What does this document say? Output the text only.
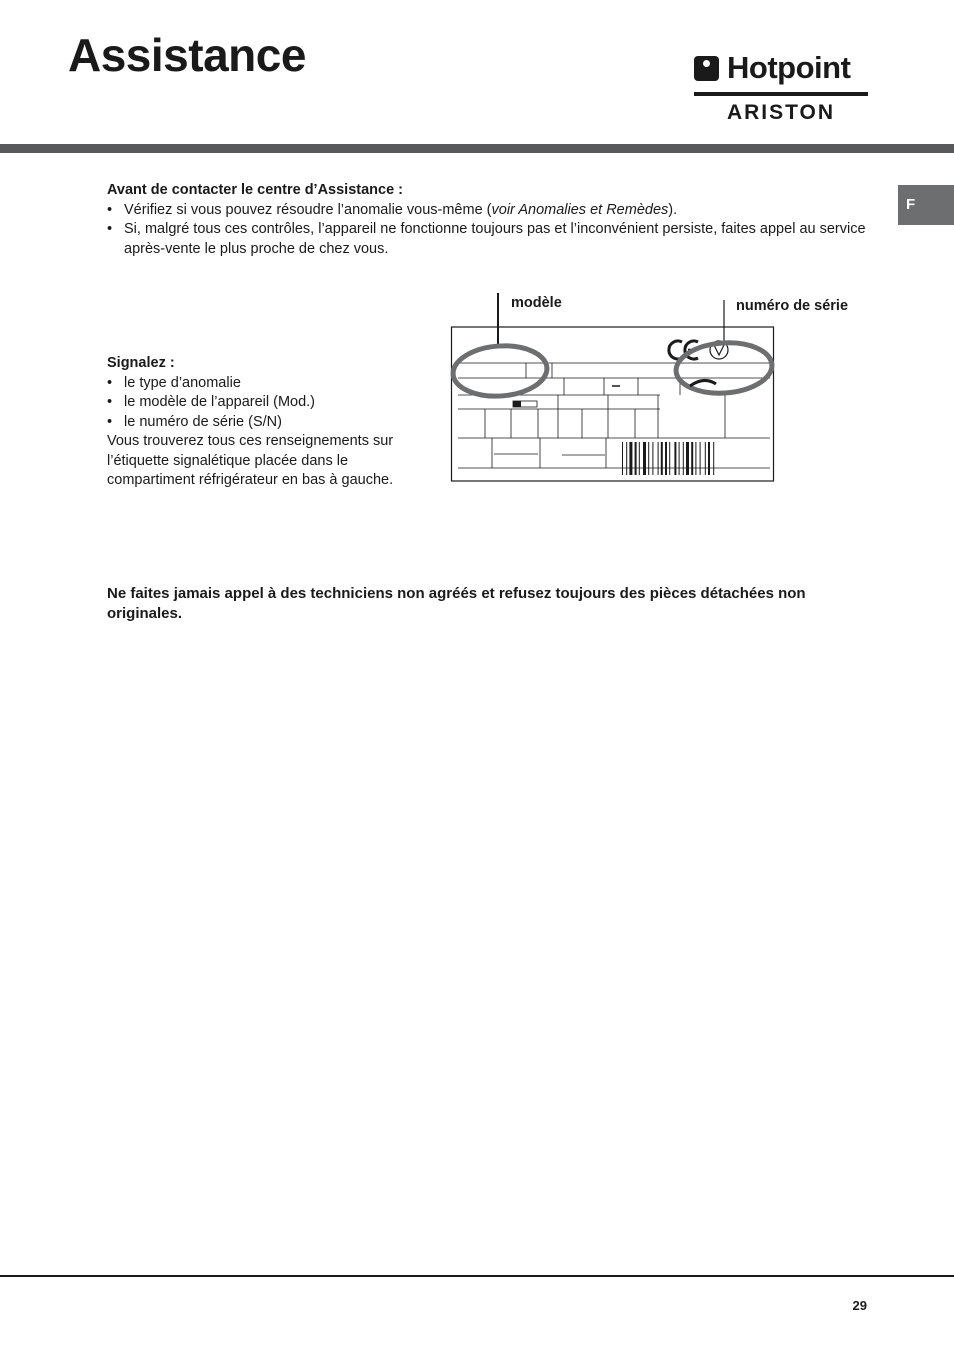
Assistance	Hotpoint
ARISTON
F
Avant de contacter le centre d’Assistance :
• Vérifiez si vous pouvez résoudre l’anomalie vous-même (voir Anomalies et Remèdes).
• Si, malgré tous ces contrôles, l’appareil ne fonctionne toujours pas et l’inconvénient persiste, faites appel au service après-vente le plus proche de chez vous.
Signalez :
• le type d’anomalie
• le modèle de l’appareil (Mod.)
• le numéro de série (S/N)
Vous trouverez tous ces renseignements sur l’étiquette signalétique placée dans le compartiment réfrigérateur en bas à gauche.
modèle	numéro de série
Ne faites jamais appel à des techniciens non agréés et refusez toujours des pièces détachées non originales.
29
